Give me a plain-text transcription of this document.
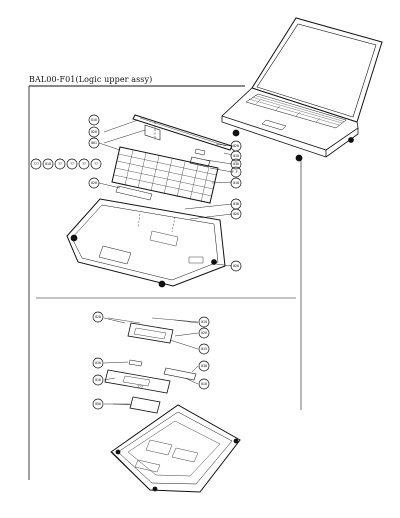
BAL00-F01(Logic upper assy)
010
020
001
??? 010 ??	??	??	??
020
020
010
030
F.F.
010
030
020
020
020
010
010
050
010
020
015
030
010
???
